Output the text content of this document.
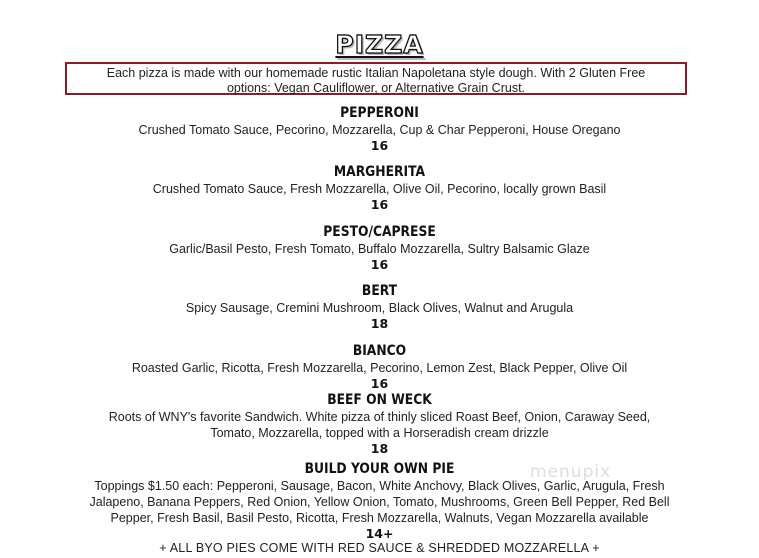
PIZZA
Each pizza is made with our homemade rustic Italian Napoletana style dough. With 2 Gluten Free
options: Vegan Cauliflower, or Alternative Grain Crust.
PEPPERONI
Crushed Tomato Sauce, Pecorino, Mozzarella, Cup & Char Pepperoni, House Oregano
16
MARGHERITA
Crushed Tomato Sauce, Fresh Mozzarella, Olive Oil, Pecorino, locally grown Basil
16
PESTO/CAPRESE
Garlic/Basil Pesto, Fresh Tomato, Buffalo Mozzarella, Sultry Balsamic Glaze
16
BERT
Spicy Sausage, Cremini Mushroom, Black Olives, Walnut and Arugula
18
BIANCO
Roasted Garlic, Ricotta, Fresh Mozzarella, Pecorino, Lemon Zest, Black Pepper, Olive Oil
16
BEEF ON WECK
Roots of WNY's favorite Sandwich. White pizza of thinly sliced Roast Beef, Onion, Caraway Seed,
Tomato, Mozzarella, topped with a Horseradish cream drizzle
18
BUILD YOUR OWN PIE
Toppings $1.50 each: Pepperoni, Sausage, Bacon, White Anchovy, Black Olives, Garlic, Arugula, Fresh
Jalapeno, Banana Peppers, Red Onion, Yellow Onion, Tomato, Mushrooms, Green Bell Pepper, Red Bell
Pepper, Fresh Basil, Basil Pesto, Ricotta, Fresh Mozzarella, Walnuts, Vegan Mozzarella available
14+
+ ALL BYO PIES COME WITH RED SAUCE & SHREDDED MOZZARELLA +
menupix
